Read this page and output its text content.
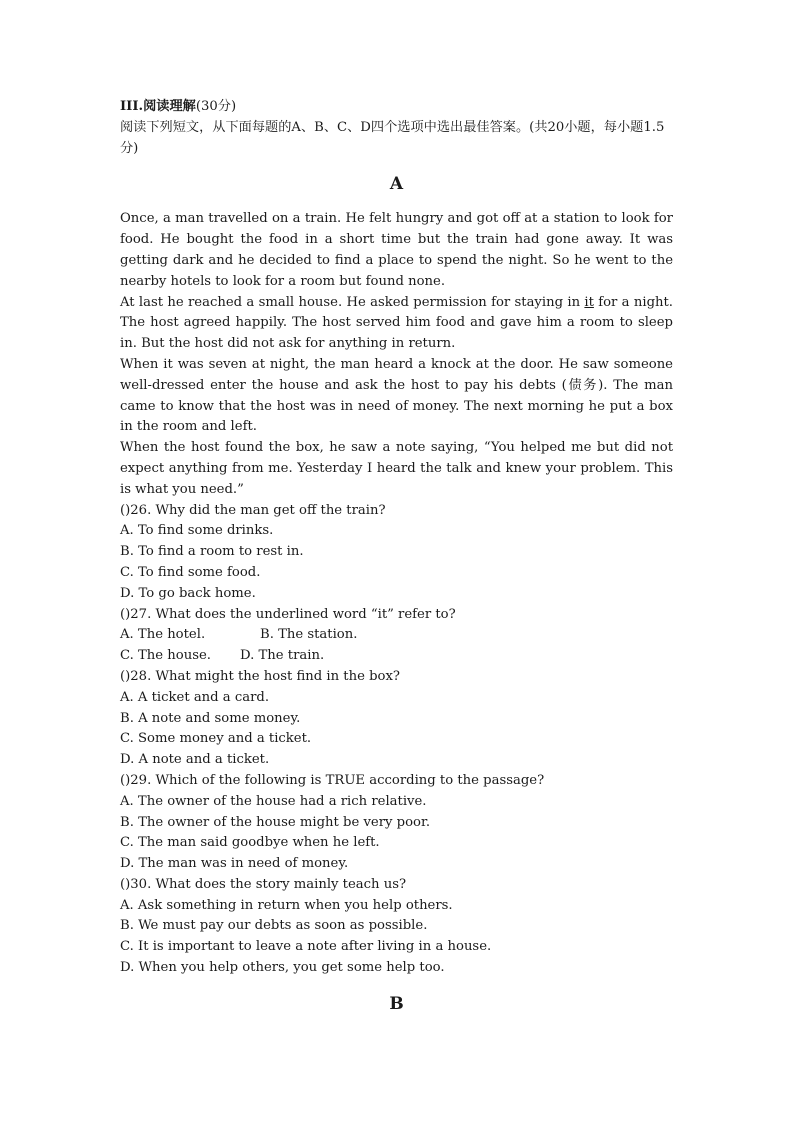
III.阅读理解(30分)
阅读下列短文，从下面每题的A、B、C、D四个选项中选出最佳答案。(共20小题，每小题1.5分)
A
Once, a man travelled on a train. He felt hungry and got off at a station to look for food. He bought the food in a short time but the train had gone away. It was getting dark and he decided to find a place to spend the night. So he went to the nearby hotels to look for a room but found none.
At last he reached a small house. He asked permission for staying in it for a night. The host agreed happily. The host served him food and gave him a room to sleep in. But the host did not ask for anything in return.
When it was seven at night, the man heard a knock at the door. He saw someone well-dressed enter the house and ask the host to pay his debts (债务). The man came to know that the host was in need of money. The next morning he put a box in the room and left.
When the host found the box, he saw a note saying, “You helped me but did not expect anything from me. Yesterday I heard the talk and knew your problem. This is what you need.”
()26. Why did the man get off the train?
A. To find some drinks.
B. To find a room to rest in.
C. To find some food.
D. To go back home.
()27. What does the underlined word “it” refer to?
A. The hotel.	B. The station.
C. The house.	D. The train.
()28. What might the host find in the box?
A. A ticket and a card.
B. A note and some money.
C. Some money and a ticket.
D. A note and a ticket.
()29. Which of the following is TRUE according to the passage?
A. The owner of the house had a rich relative.
B. The owner of the house might be very poor.
C. The man said goodbye when he left.
D. The man was in need of money.
()30. What does the story mainly teach us?
A. Ask something in return when you help others.
B. We must pay our debts as soon as possible.
C. It is important to leave a note after living in a house.
D. When you help others, you get some help too.
B
